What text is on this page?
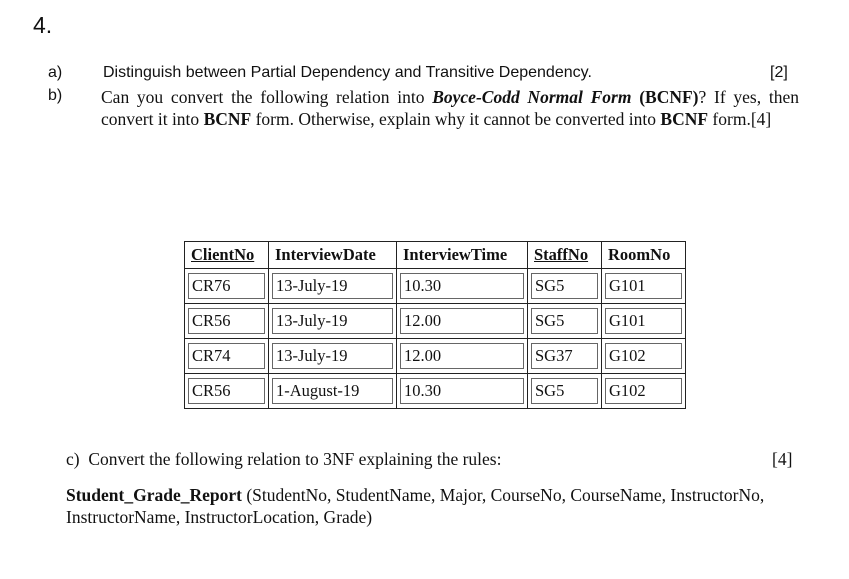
4.
a)	Distinguish between Partial Dependency and Transitive Dependency.	[2]
b) Can you convert the following relation into Boyce-Codd Normal Form (BCNF)? If yes, then convert it into BCNF form. Otherwise, explain why it cannot be converted into BCNF form.[4]
ClientNo	InterviewDate	InterviewTime	StaffNo	RoomNo

CR76	13-July-19	10.30	SG5	G101

CR56	13-July-19	12.00	SG5	G101

CR74	13-July-19	12.00	SG37	G102

CR56	1-August-19	10.30	SG5	G102
c) Convert the following relation to 3NF explaining the rules:	[4]
Student_Grade_Report (StudentNo, StudentName, Major, CourseNo, CourseName, InstructorNo, InstructorName, InstructorLocation, Grade)
